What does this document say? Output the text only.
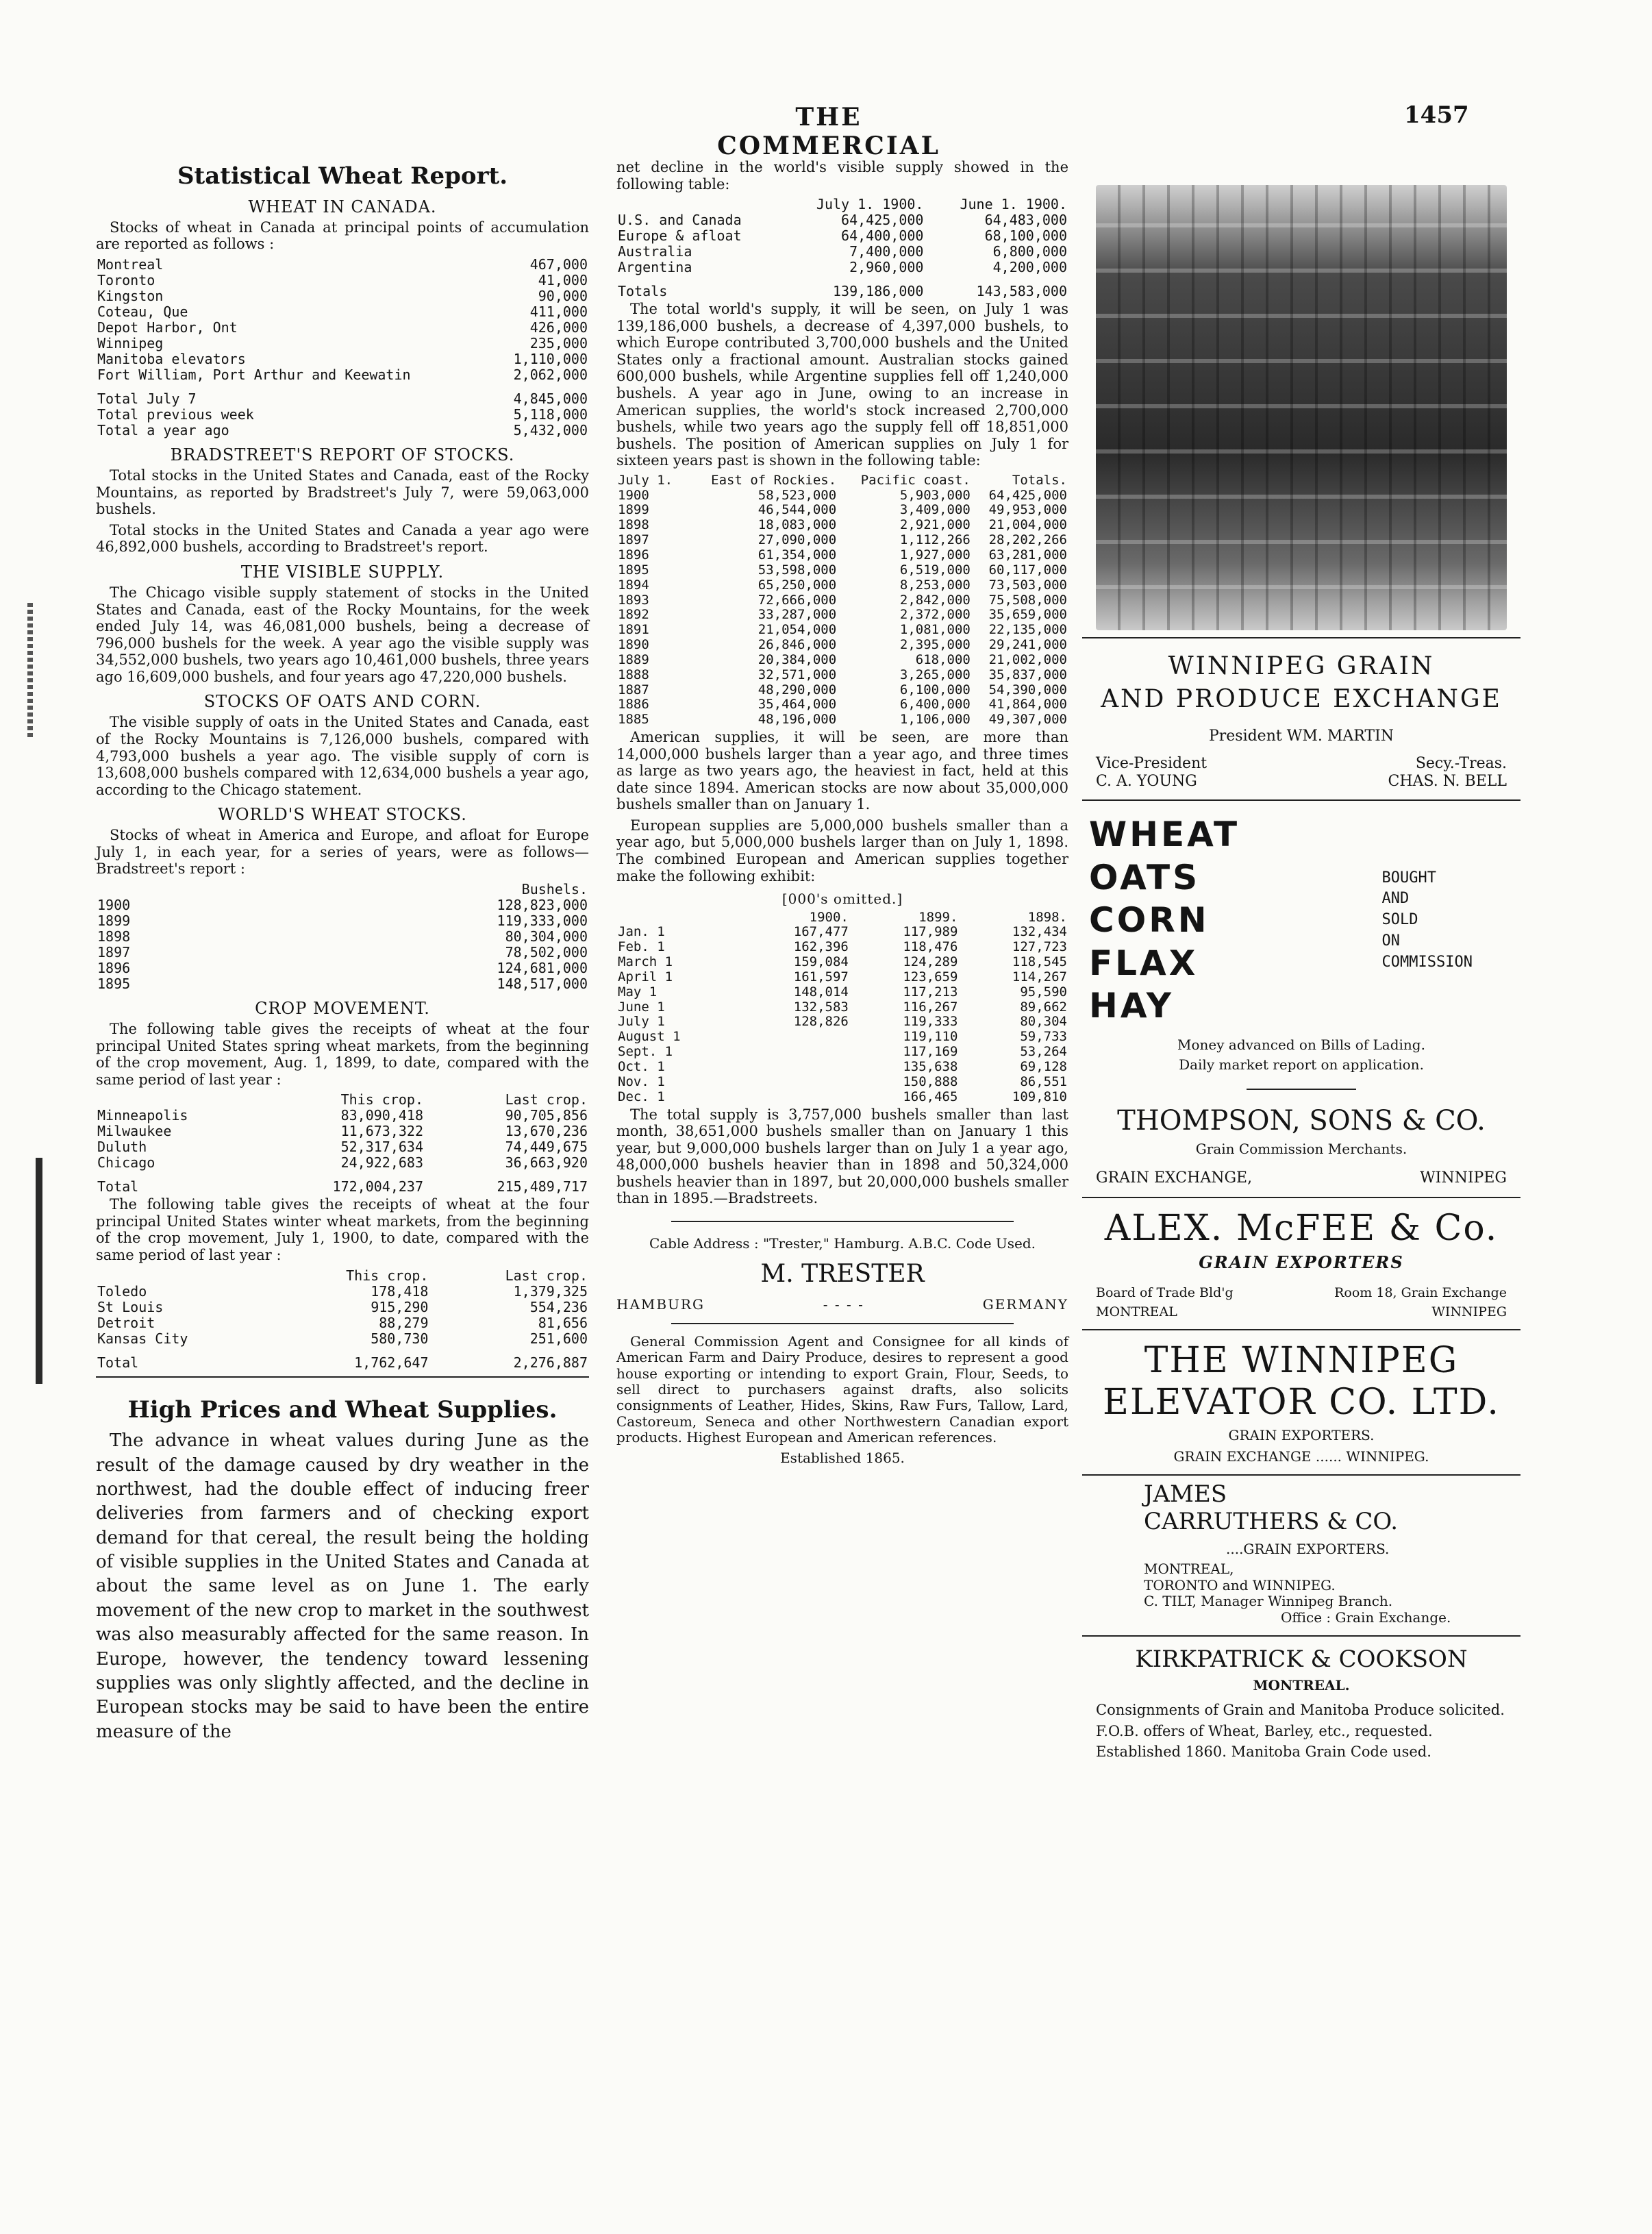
THE COMMERCIAL
1457
Statistical Wheat Report.
WHEAT IN CANADA.

Stocks of wheat in Canada at principal points of accumulation are reported as follows :

Montreal	467,000
Toronto	41,000
Kingston	90,000
Coteau, Que	411,000
Depot Harbor, Ont	426,000
Winnipeg	235,000
Manitoba elevators	1,110,000
Fort William, Port Arthur and Keewatin	2,062,000
Total July 7	4,845,000
Total previous week	5,118,000
Total a year ago	5,432,000
BRADSTREET'S REPORT OF STOCKS.

Total stocks in the United States and Canada, east of the Rocky Mountains, as reported by Bradstreet's July 7, were 59,063,000 bushels.

Total stocks in the United States and Canada a year ago were 46,892,000 bushels, according to Bradstreet's report.

THE VISIBLE SUPPLY.

The Chicago visible supply statement of stocks in the United States and Canada, east of the Rocky Mountains, for the week ended July 14, was 46,081,000 bushels, being a decrease of 796,000 bushels for the week. A year ago the visible supply was 34,552,000 bushels, two years ago 10,461,000 bushels, three years ago 16,609,000 bushels, and four years ago 47,220,000 bushels.

STOCKS OF OATS AND CORN.

The visible supply of oats in the United States and Canada, east of the Rocky Mountains is 7,126,000 bushels, compared with 4,793,000 bushels a year ago. The visible supply of corn is 13,608,000 bushels compared with 12,634,000 bushels a year ago, according to the Chicago statement.

WORLD'S WHEAT STOCKS.

Stocks of wheat in America and Europe, and afloat for Europe July 1, in each year, for a series of years, were as follows—Bradstreet's report :

	Bushels.
1900	128,823,000
1899	119,333,000
1898	80,304,000
1897	78,502,000
1896	124,681,000
1895	148,517,000
CROP MOVEMENT.

The following table gives the receipts of wheat at the four principal United States spring wheat markets, from the beginning of the crop movement, Aug. 1, 1899, to date, compared with the same period of last year :

	This crop.	Last crop.
Minneapolis	83,090,418	90,705,856
Milwaukee	11,673,322	13,670,236
Duluth	52,317,634	74,449,675
Chicago	24,922,683	36,663,920
Total	172,004,237	215,489,717

The following table gives the receipts of wheat at the four principal United States winter wheat markets, from the beginning of the crop movement, July 1, 1900, to date, compared with the same period of last year :

	This crop.	Last crop.
Toledo	178,418	1,379,325
St Louis	915,290	554,236
Detroit	88,279	81,656
Kansas City	580,730	251,600
Total	1,762,647	2,276,887
High Prices and Wheat Supplies.

The advance in wheat values during June as the result of the damage caused by dry weather in the northwest, had the double effect of inducing freer deliveries from farmers and of checking export demand for that cereal, the result being the holding of visible supplies in the United States and Canada at about the same level as on June 1. The early movement of the new crop to market in the southwest was also measurably affected for the same reason. In Europe, however, the tendency toward lessening supplies was only slightly affected, and the decline in European stocks may be said to have been the entire measure of the

net decline in the world's visible supply showed in the following table:

	July 1. 1900.	June 1. 1900.
U.S. and Canada	64,425,000	64,483,000
Europe & afloat	64,400,000	68,100,000
Australia	7,400,000	6,800,000
Argentina	2,960,000	4,200,000
Totals	139,186,000	143,583,000

The total world's supply, it will be seen, on July 1 was 139,186,000 bushels, a decrease of 4,397,000 bushels, to which Europe contributed 3,700,000 bushels and the United States only a fractional amount. Australian stocks gained 600,000 bushels, while Argentine supplies fell off 1,240,000 bushels. A year ago in June, owing to an increase in American supplies, the world's stock increased 2,700,000 bushels, while two years ago the supply fell off 18,851,000 bushels. The position of American supplies on July 1 for sixteen years past is shown in the following table:

July 1.	East of Rockies.	Pacific coast.	Totals.
1900	58,523,000	5,903,000	64,425,000
1899	46,544,000	3,409,000	49,953,000
1898	18,083,000	2,921,000	21,004,000
1897	27,090,000	1,112,266	28,202,266
1896	61,354,000	1,927,000	63,281,000
1895	53,598,000	6,519,000	60,117,000
1894	65,250,000	8,253,000	73,503,000
1893	72,666,000	2,842,000	75,508,000
1892	33,287,000	2,372,000	35,659,000
1891	21,054,000	1,081,000	22,135,000
1890	26,846,000	2,395,000	29,241,000
1889	20,384,000	618,000	21,002,000
1888	32,571,000	3,265,000	35,837,000
1887	48,290,000	6,100,000	54,390,000
1886	35,464,000	6,400,000	41,864,000
1885	48,196,000	1,106,000	49,307,000

American supplies, it will be seen, are more than 14,000,000 bushels larger than a year ago, and three times as large as two years ago, the heaviest in fact, held at this date since 1894. American stocks are now about 35,000,000 bushels smaller than on January 1.

European supplies are 5,000,000 bushels smaller than a year ago, but 5,000,000 bushels larger than on July 1, 1898. The combined European and American supplies together make the following exhibit:

[000's omitted.]
	1900.	1899.	1898.
Jan. 1	167,477	117,989	132,434
Feb. 1	162,396	118,476	127,723
March 1	159,084	124,289	118,545
April 1	161,597	123,659	114,267
May 1	148,014	117,213	95,590
June 1	132,583	116,267	89,662
July 1	128,826	119,333	80,304
August 1		119,110	59,733
Sept. 1		117,169	53,264
Oct. 1		135,638	69,128
Nov. 1		150,888	86,551
Dec. 1		166,465	109,810

The total supply is 3,757,000 bushels smaller than last month, 38,651,000 bushels smaller than on January 1 this year, but 9,000,000 bushels larger than on July 1 a year ago, 48,000,000 bushels heavier than in 1898 and 50,324,000 bushels heavier than in 1897, but 20,000,000 bushels smaller than in 1895.—Bradstreets.

Cable Address : "Trester," Hamburg. A.B.C. Code Used.
M. TRESTER
HAMBURG	- - - -	GERMANY

General Commission Agent and Consignee for all kinds of American Farm and Dairy Produce, desires to represent a good house exporting or intending to export Grain, Flour, Seeds, to sell direct to purchasers against drafts, also solicits consignments of Leather, Hides, Skins, Raw Furs, Tallow, Lard, Castoreum, Seneca and other Northwestern Canadian export products. Highest European and American references.

Established 1865.
WINNIPEG GRAIN
AND PRODUCE EXCHANGE
President WM. MARTIN
Vice-President	Secy.-Treas.
C. A. YOUNG	CHAS. N. BELL
WHEAT
OATS
CORN
FLAX
HAY
BOUGHT
AND
SOLD
ON
COMMISSION
Money advanced on Bills of Lading.
Daily market report on application.
THOMPSON, SONS & CO.
Grain Commission Merchants.
GRAIN EXCHANGE,	WINNIPEG
ALEX. McFEE & Co.
GRAIN EXPORTERS
Board of Trade Bld'g	Room 18, Grain Exchange
MONTREAL	WINNIPEG
THE WINNIPEG
ELEVATOR CO. LTD.
GRAIN EXPORTERS.
GRAIN EXCHANGE ...... WINNIPEG.
JAMES
CARRUTHERS & CO.
....GRAIN EXPORTERS.
MONTREAL,
TORONTO and WINNIPEG.
C. TILT, Manager Winnipeg Branch.
Office : Grain Exchange.
KIRKPATRICK & COOKSON
MONTREAL.

Consignments of Grain and Manitoba Produce solicited.

F.O.B. offers of Wheat, Barley, etc., requested.

Established 1860. Manitoba Grain Code used.
